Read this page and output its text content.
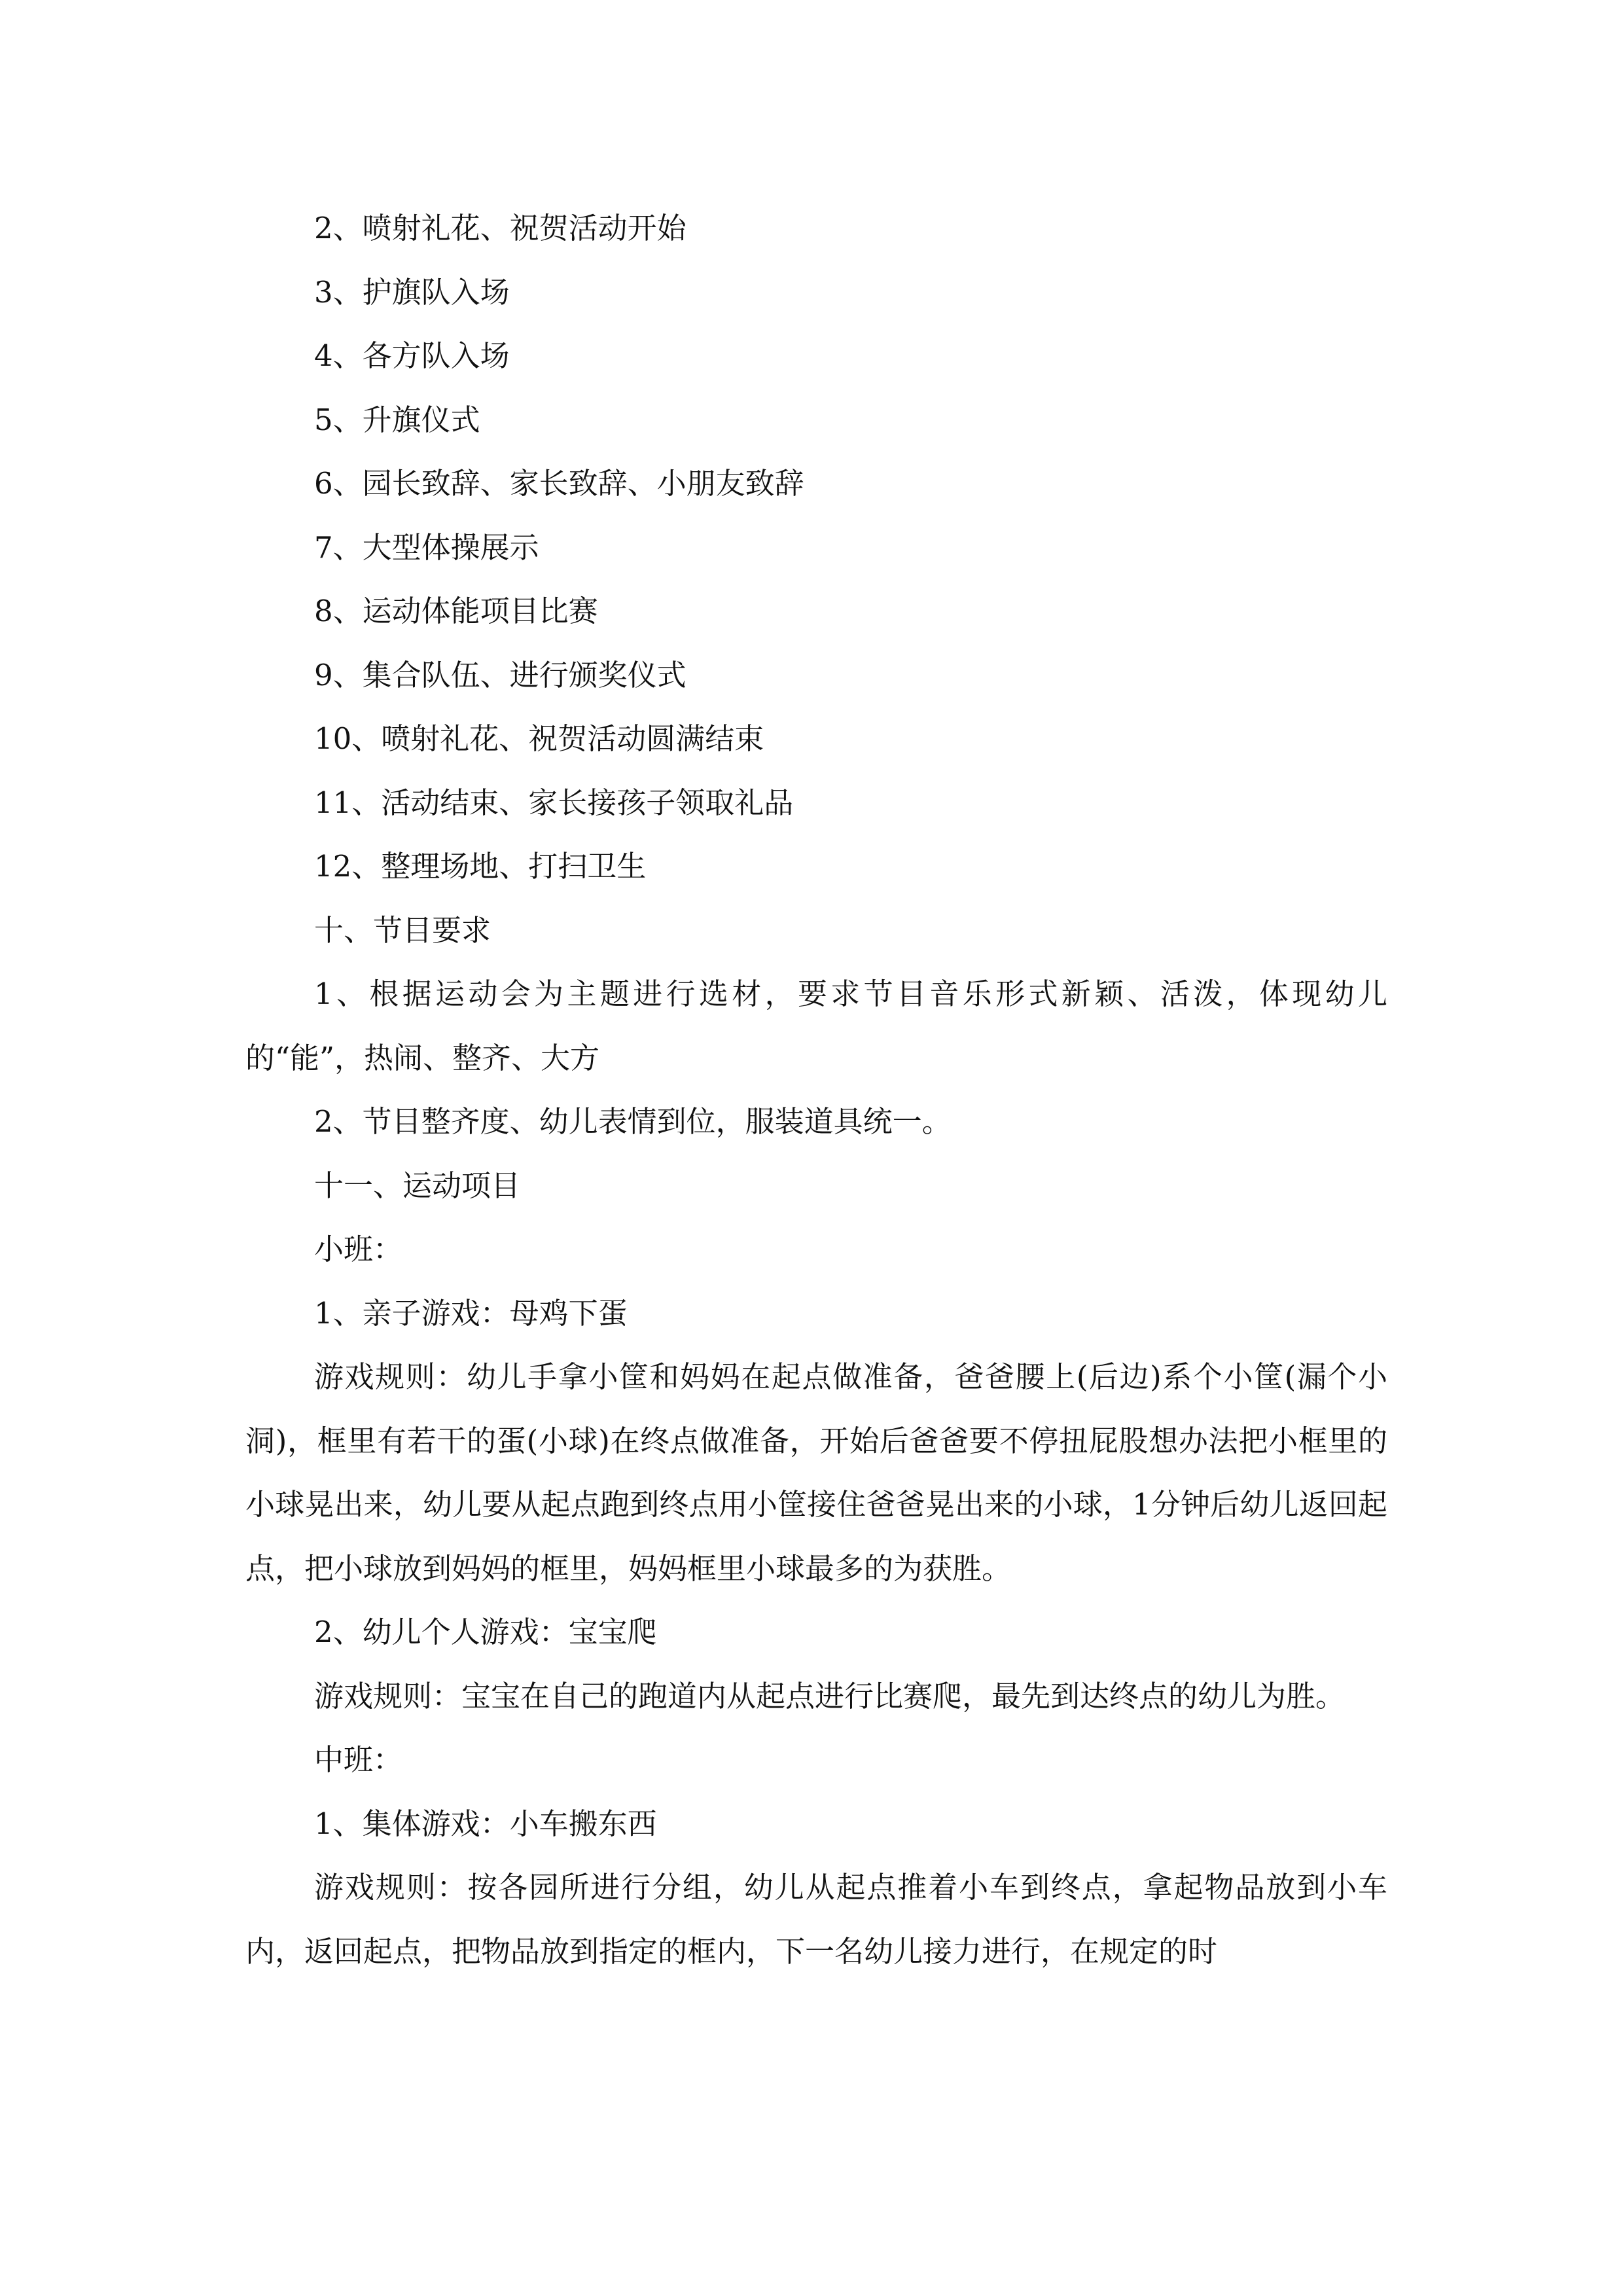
2、喷射礼花、祝贺活动开始

3、护旗队入场

4、各方队入场

5、升旗仪式

6、园长致辞、家长致辞、小朋友致辞

7、大型体操展示

8、运动体能项目比赛

9、集合队伍、进行颁奖仪式

10、喷射礼花、祝贺活动圆满结束

11、活动结束、家长接孩子领取礼品

12、整理场地、打扫卫生

十、节目要求

1、根据运动会为主题进行选材，要求节目音乐形式新颖、活泼，体现幼儿的“能”，热闹、整齐、大方

2、节目整齐度、幼儿表情到位，服装道具统一。

十一、运动项目

小班：

1、亲子游戏：母鸡下蛋

游戏规则：幼儿手拿小筐和妈妈在起点做准备，爸爸腰上(后边)系个小筐(漏个小洞)，框里有若干的蛋(小球)在终点做准备，开始后爸爸要不停扭屁股想办法把小框里的小球晃出来，幼儿要从起点跑到终点用小筐接住爸爸晃出来的小球，1分钟后幼儿返回起点，把小球放到妈妈的框里，妈妈框里小球最多的为获胜。

2、幼儿个人游戏：宝宝爬

游戏规则：宝宝在自己的跑道内从起点进行比赛爬，最先到达终点的幼儿为胜。

中班：

1、集体游戏：小车搬东西

游戏规则：按各园所进行分组，幼儿从起点推着小车到终点，拿起物品放到小车内，返回起点，把物品放到指定的框内，下一名幼儿接力进行，在规定的时
